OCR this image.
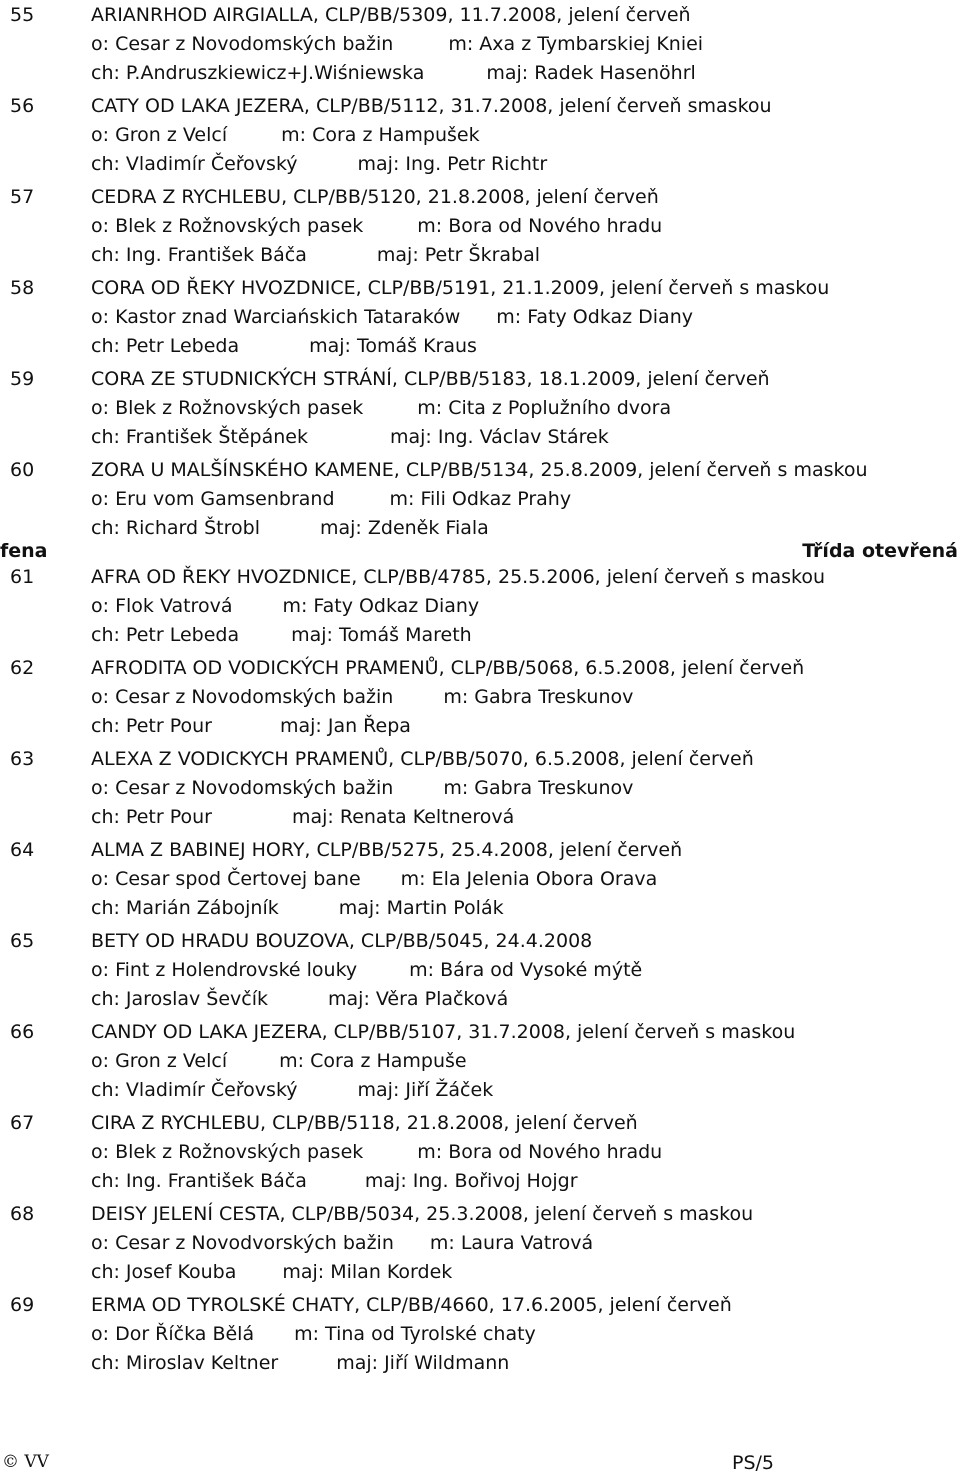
55	ARIANRHOD AIRGIALLA, CLP/BB/5309, 11.7.2008, jelení červeň
o: Cesar z Novodomských bažin	m: Axa z Tymbarskiej Kniei
ch: P.Andruszkiewicz+J.Wiśniewska	maj: Radek Hasenöhrl
56	CATY OD LAKA JEZERA, CLP/BB/5112, 31.7.2008, jelení červeň smaskou
o: Gron z Velcí	m: Cora z Hampušek
ch: Vladimír Čeřovský	maj: Ing. Petr Richtr
57	CEDRA Z RYCHLEBU, CLP/BB/5120, 21.8.2008, jelení červeň
o: Blek z Rožnovských pasek	m: Bora od Nového hradu
ch: Ing. František Báča	maj: Petr Škrabal
58	CORA OD ŘEKY HVOZDNICE, CLP/BB/5191, 21.1.2009, jelení červeň s maskou
o: Kastor znad Warciańskich Tataraków m: Faty Odkaz Diany
ch: Petr Lebeda	maj: Tomáš Kraus
59	CORA ZE STUDNICKÝCH STRÁNÍ, CLP/BB/5183, 18.1.2009, jelení červeň
o: Blek z Rožnovských pasek	m: Cita z Poplužního dvora
ch: František Štěpánek	maj: Ing. Václav Stárek
60	ZORA U MALŠÍNSKÉHO KAMENE, CLP/BB/5134, 25.8.2009, jelení červeň s maskou
o: Eru vom Gamsenbrand	m: Fili Odkaz Prahy
ch: Richard Štrobl	maj: Zdeněk Fiala
fena	Třída otevřená
61	AFRA OD ŘEKY HVOZDNICE, CLP/BB/4785, 25.5.2006, jelení červeň s maskou
o: Flok Vatrová	m: Faty Odkaz Diany
ch: Petr Lebeda	maj: Tomáš Mareth
62	AFRODITA OD VODICKÝCH PRAMENŮ, CLP/BB/5068, 6.5.2008, jelení červeň
o: Cesar z Novodomských bažin	m: Gabra Treskunov
ch: Petr Pour	maj: Jan Řepa
63	ALEXA Z VODICKYCH PRAMENŮ, CLP/BB/5070, 6.5.2008, jelení červeň
o: Cesar z Novodomských bažin	m: Gabra Treskunov
ch: Petr Pour	maj: Renata Keltnerová
64	ALMA Z BABINEJ HORY, CLP/BB/5275, 25.4.2008, jelení červeň
o: Cesar spod Čertovej bane m: Ela Jelenia Obora Orava
ch: Marián Zábojník	maj: Martin Polák
65	BETY OD HRADU BOUZOVA, CLP/BB/5045, 24.4.2008
o: Fint z Holendrovské louky	m: Bára od Vysoké mýtě
ch: Jaroslav Ševčík	maj: Věra Plačková
66	CANDY OD LAKA JEZERA, CLP/BB/5107, 31.7.2008, jelení červeň s maskou
o: Gron z Velcí	m: Cora z Hampuše
ch: Vladimír Čeřovský	maj: Jiří Žáček
67	CIRA Z RYCHLEBU, CLP/BB/5118, 21.8.2008, jelení červeň
o: Blek z Rožnovských pasek	m: Bora od Nového hradu
ch: Ing. František Báča	maj: Ing. Bořivoj Hojgr
68	DEISY JELENÍ CESTA, CLP/BB/5034, 25.3.2008, jelení červeň s maskou
o: Cesar z Novodvorských bažin m: Laura Vatrová
ch: Josef Kouba maj: Milan Kordek
69	ERMA OD TYROLSKÉ CHATY, CLP/BB/4660, 17.6.2005, jelení červeň
o: Dor Říčka Bělá m: Tina od Tyrolské chaty
ch: Miroslav Keltner	maj: Jiří Wildmann
© VV	PS/5
